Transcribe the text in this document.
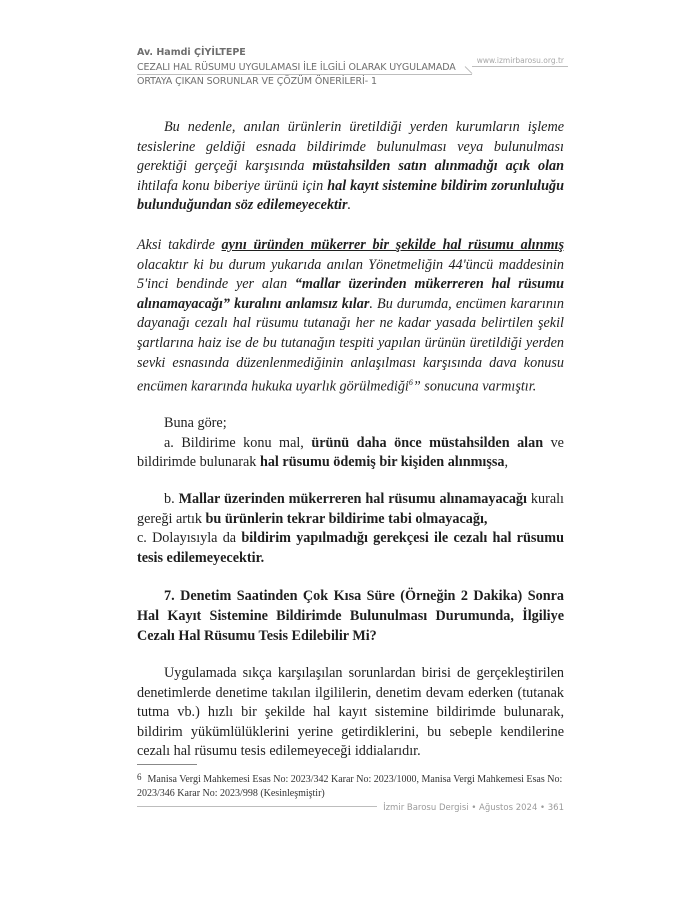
Av. Hamdi ÇİYİLTEPE
CEZALI HAL RÜSUMU UYGULAMASI İLE İLGİLİ OLARAK UYGULAMADA
ORTAYA ÇIKAN SORUNLAR VE ÇÖZÜM ÖNERİLERİ- 1
www.izmirbarosu.org.tr

Bu nedenle, anılan ürünlerin üretildiği yerden kurumların işleme tesislerine geldiği esnada bildirimde bulunulması veya bulunulması gerektiği gerçeği karşısında müstahsilden satın alınmadığı açık olan ihtilafa konu biberiye ürünü için hal kayıt sistemine bildirim zorunluluğu bulunduğundan söz edilemeyecektir.

Aksi takdirde aynı üründen mükerrer bir şekilde hal rüsumu alınmış olacaktır ki bu durum yukarıda anılan Yönetmeliğin 44'üncü maddesinin 5'inci bendinde yer alan “mallar üzerinden mükerreren hal rüsumu alınamayacağı” kuralını anlamsız kılar. Bu durumda, encümen kararının dayanağı cezalı hal rüsumu tutanağı her ne kadar yasada belirtilen şekil şartlarına haiz ise de bu tutanağın tespiti yapılan ürünün üretildiği yerden sevki esnasında düzenlenmediğinin anlaşılması karşısında dava konusu encümen kararında hukuka uyarlık görülmediği$^6$” sonucuna varmıştır.

Buna göre;

a. Bildirime konu mal, ürünü daha önce müstahsilden alan ve bildirimde bulunarak hal rüsumu ödemiş bir kişiden alınmışsa,

b. Mallar üzerinden mükerreren hal rüsumu alınamayacağı kuralı gereği artık bu ürünlerin tekrar bildirime tabi olmayacağı,

c. Dolayısıyla da bildirim yapılmadığı gerekçesi ile cezalı hal rüsumu tesis edilemeyecektir.

7. Denetim Saatinden Çok Kısa Süre (Örneğin 2 Dakika) Sonra Hal Kayıt Sistemine Bildirimde Bulunulması Durumunda, İlgiliye Cezalı Hal Rüsumu Tesis Edilebilir Mi?

Uygulamada sıkça karşılaşılan sorunlardan birisi de gerçekleştirilen denetimlerde denetime takılan ilgililerin, denetim devam ederken (tutanak tutma vb.) hızlı bir şekilde hal kayıt sistemine bildirimde bulunarak, bildirim yükümlülüklerini yerine getirdiklerini, bu sebeple kendilerine cezalı hal rüsumu tesis edilemeyeceği iddialarıdır.

6 Manisa Vergi Mahkemesi Esas No: 2023/342 Karar No: 2023/1000, Manisa Vergi Mahkemesi Esas No: 2023/346 Karar No: 2023/998 (Kesinleşmiştir)
İzmir Barosu Dergisi • Ağustos 2024 • 361
